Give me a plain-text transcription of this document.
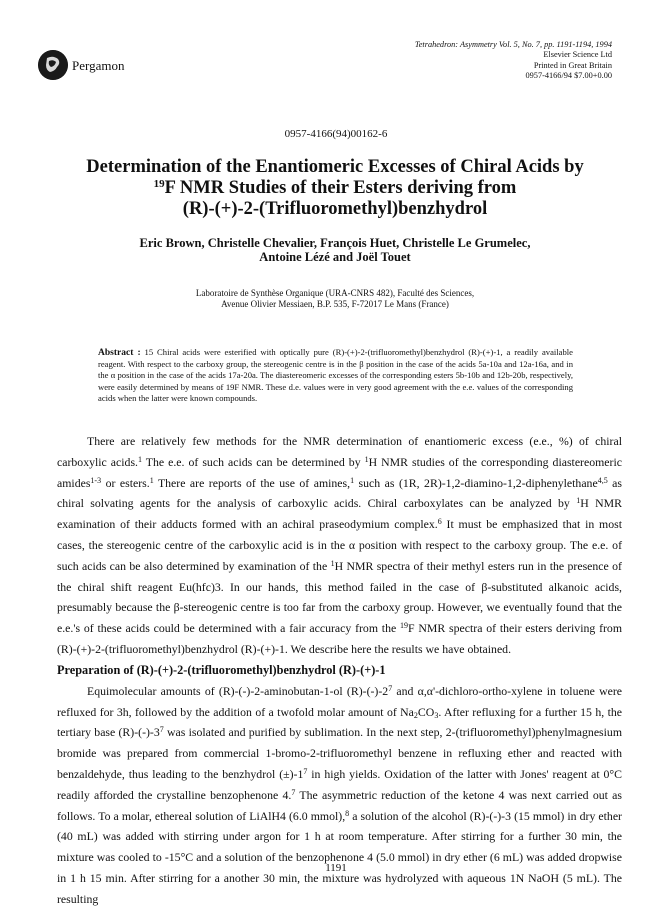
Pergamon
Tetrahedron: Asymmetry Vol. 5, No. 7, pp. 1191-1194, 1994
Elsevier Science Ltd
Printed in Great Britain
0957-4166/94 $7.00+0.00
0957-4166(94)00162-6
Determination of the Enantiomeric Excesses of Chiral Acids by
$^{19}$F NMR Studies of their Esters deriving from
(R)-(+)-2-(Trifluoromethyl)benzhydrol
Eric Brown, Christelle Chevalier, François Huet, Christelle Le Grumelec,
Antoine Lézé and Joël Touet
Laboratoire de Synthèse Organique (URA-CNRS 482), Faculté des Sciences,
Avenue Olivier Messiaen, B.P. 535, F-72017 Le Mans (France)
Abstract : 15 Chiral acids were esterified with optically pure (R)-(+)-2-(trifluoromethyl)benzhydrol (R)-(+)-1, a readily available reagent. With respect to the carboxy group, the stereogenic centre is in the β position in the case of the acids 5a-10a and 12a-16a, and in the α position in the case of the acids 17a-20a. The diastereomeric excesses of the corresponding esters 5b-10b and 12b-20b, respectively, were easily determined by means of 19F NMR. These d.e. values were in very good agreement with the e.e. values of the corresponding acids when the latter were known compounds.

There are relatively few methods for the NMR determination of enantiomeric excess (e.e., %) of chiral carboxylic acids.$^1$ The e.e. of such acids can be determined by $^1$H NMR studies of the corresponding diastereomeric amides$^{1-3}$ or esters.$^1$ There are reports of the use of amines,$^1$ such as (1R, 2R)-1,2-diamino-1,2-diphenylethane$^{4,5}$ as chiral solvating agents for the analysis of carboxylic acids. Chiral carboxylates can be analyzed by $^1$H NMR examination of their adducts formed with an achiral praseodymium complex.$^6$ It must be emphasized that in most cases, the stereogenic centre of the carboxylic acid is in the α position with respect to the carboxy group. The e.e. of such acids can be also determined by examination of the $^1$H NMR spectra of their methyl esters run in the presence of the chiral shift reagent Eu(hfc)3. In our hands, this method failed in the case of β-substituted alkanoic acids, presumably because the β-stereogenic centre is too far from the carboxy group. However, we eventually found that the e.e.'s of these acids could be determined with a fair accuracy from the $^{19}$F NMR spectra of their esters deriving from (R)-(+)-2-(trifluoromethyl)benzhydrol (R)-(+)-1. We describe here the results we have obtained.

Preparation of (R)-(+)-2-(trifluoromethyl)benzhydrol (R)-(+)-1

Equimolecular amounts of (R)-(-)-2-aminobutan-1-ol $(R)-(-)-2^7$ and α,α'-dichloro-ortho-xylene in toluene were refluxed for 3h, followed by the addition of a twofold molar amount of $Na_2CO_3$. After refluxing for a further 15 h, the tertiary base $(R)-(-)-3^7$ was isolated and purified by sublimation. In the next step, 2-(trifluoromethyl)phenylmagnesium bromide was prepared from commercial 1-bromo-2-trifluoromethyl benzene in refluxing ether and reacted with benzaldehyde, thus leading to the benzhydrol $(\pm)-1^7$ in high yields. Oxidation of the latter with Jones' reagent at 0°C readily afforded the crystalline benzophenone 4.$^7$ The asymmetric reduction of the ketone 4 was next carried out as follows. To a molar, ethereal solution of LiAlH4 (6.0 mmol),$^8$ a solution of the alcohol (R)-(-)-3 (15 mmol) in dry ether (40 mL) was added with stirring under argon for 1 h at room temperature. After stirring for a further 30 min, the mixture was cooled to -15°C and a solution of the benzophenone 4 (5.0 mmol) in dry ether (6 mL) was added dropwise in 1 h 15 min. After stirring for a another 30 min, the mixture was hydrolyzed with aqueous 1N NaOH (5 mL). The resulting

1191
